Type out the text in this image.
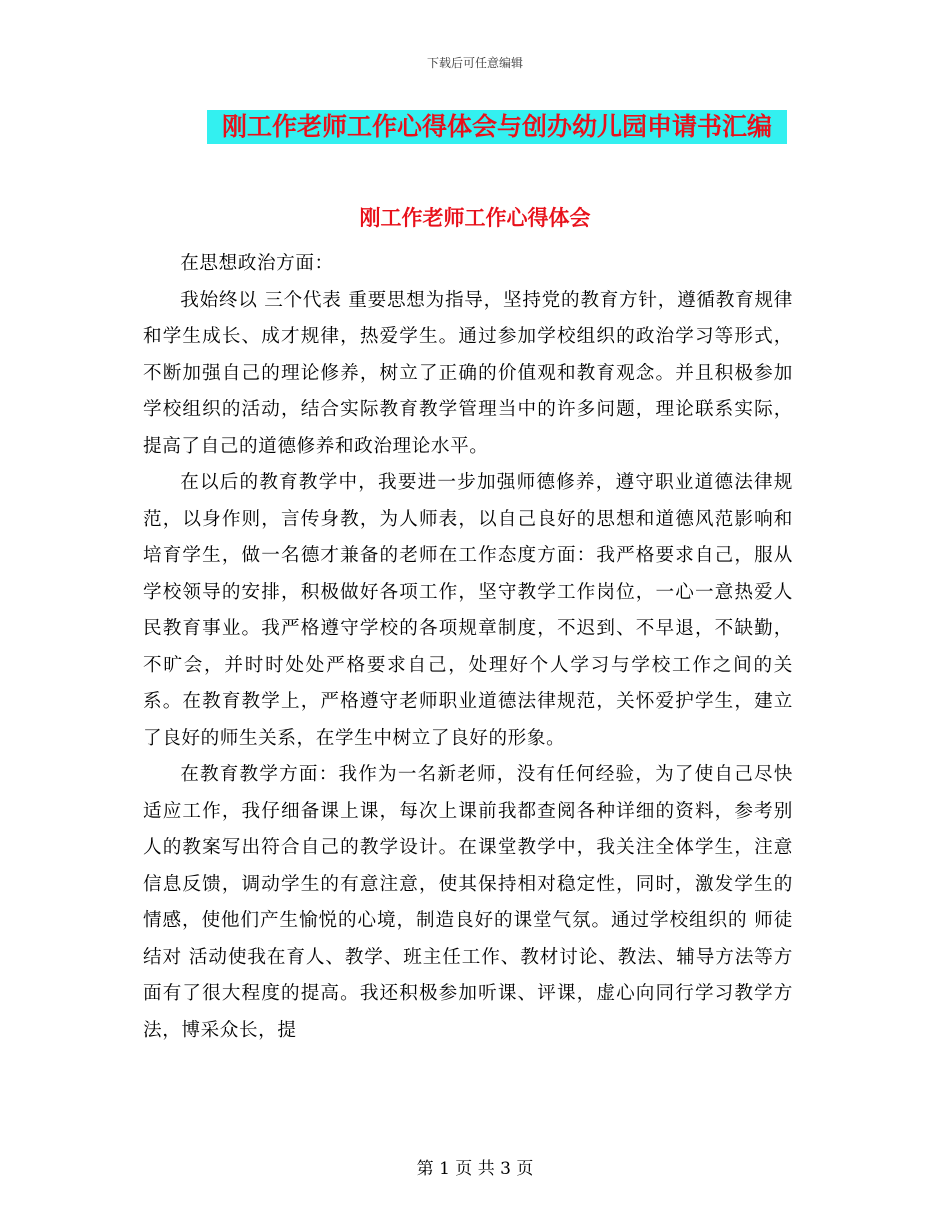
下载后可任意编辑
刚工作老师工作心得体会与创办幼儿园申请书汇编
刚工作老师工作心得体会

在思想政治方面：

我始终以 三个代表 重要思想为指导，坚持党的教育方针，遵循教育规律和学生成长、成才规律，热爱学生。通过参加学校组织的政治学习等形式，不断加强自己的理论修养，树立了正确的价值观和教育观念。并且积极参加学校组织的活动，结合实际教育教学管理当中的许多问题，理论联系实际，提高了自己的道德修养和政治理论水平。

在以后的教育教学中，我要进一步加强师德修养，遵守职业道德法律规范，以身作则，言传身教，为人师表，以自己良好的思想和道德风范影响和培育学生，做一名德才兼备的老师在工作态度方面：我严格要求自己，服从学校领导的安排，积极做好各项工作，坚守教学工作岗位，一心一意热爱人民教育事业。我严格遵守学校的各项规章制度，不迟到、不早退，不缺勤，不旷会，并时时处处严格要求自己，处理好个人学习与学校工作之间的关系。在教育教学上，严格遵守老师职业道德法律规范，关怀爱护学生，建立了良好的师生关系，在学生中树立了良好的形象。

在教育教学方面：我作为一名新老师，没有任何经验，为了使自己尽快适应工作，我仔细备课上课，每次上课前我都查阅各种详细的资料，参考别人的教案写出符合自己的教学设计。在课堂教学中，我关注全体学生，注意信息反馈，调动学生的有意注意，使其保持相对稳定性，同时，激发学生的情感，使他们产生愉悦的心境，制造良好的课堂气氛。通过学校组织的 师徒结对 活动使我在育人、教学、班主任工作、教材讨论、教法、辅导方法等方面有了很大程度的提高。我还积极参加听课、评课，虚心向同行学习教学方法，博采众长，提

第 1 页 共 3 页
